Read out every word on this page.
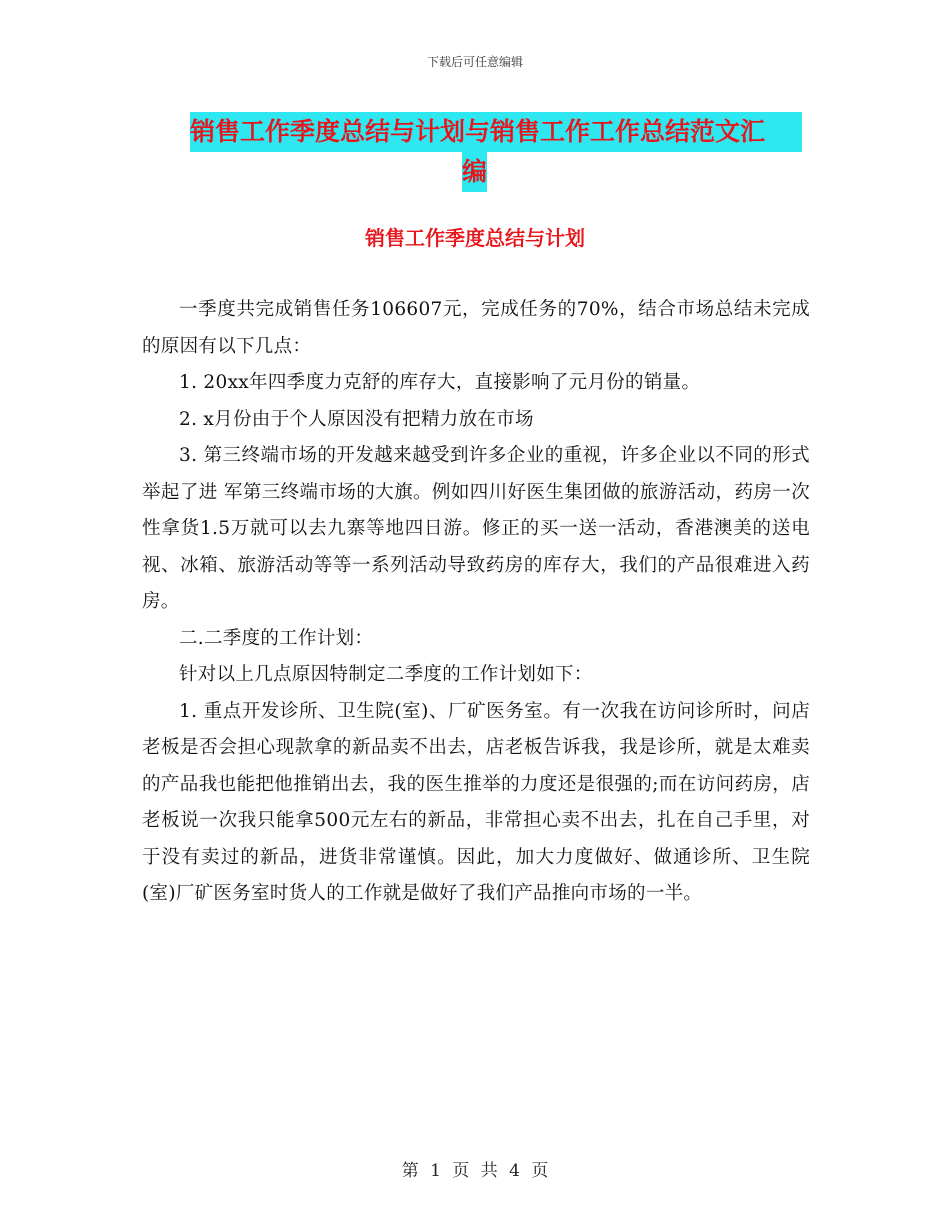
下载后可任意编辑
销售工作季度总结与计划与销售工作工作总结范文汇
编
销售工作季度总结与计划

一季度共完成销售任务106607元，完成任务的70%，结合市场总结未完成的原因有以下几点：

1. 20xx年四季度力克舒的库存大，直接影响了元月份的销量。

2. x月份由于个人原因没有把精力放在市场

3. 第三终端市场的开发越来越受到许多企业的重视，许多企业以不同的形式举起了进 军第三终端市场的大旗。例如四川好医生集团做的旅游活动，药房一次性拿货1.5万就可以去九寨等地四日游。修正的买一送一活动，香港澳美的送电视、冰箱、旅游活动等等一系列活动导致药房的库存大，我们的产品很难进入药房。

二.二季度的工作计划：

针对以上几点原因特制定二季度的工作计划如下：

1. 重点开发诊所、卫生院(室)、厂矿医务室。有一次我在访问诊所时，问店老板是否会担心现款拿的新品卖不出去，店老板告诉我，我是诊所，就是太难卖的产品我也能把他推销出去，我的医生推举的力度还是很强的;而在访问药房，店老板说一次我只能拿500元左右的新品，非常担心卖不出去，扎在自己手里，对于没有卖过的新品，进货非常谨慎。因此，加大力度做好、做通诊所、卫生院(室)厂矿医务室时货人的工作就是做好了我们产品推向市场的一半。

第 1 页 共 4 页
